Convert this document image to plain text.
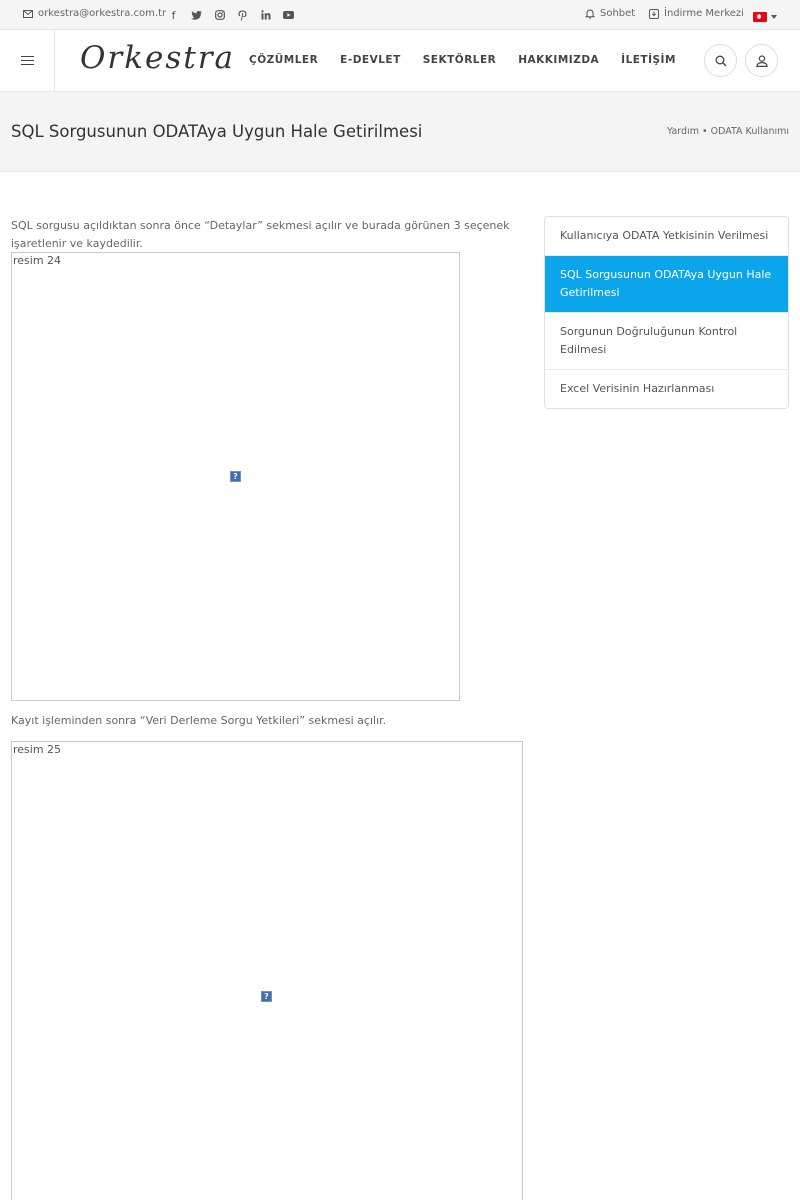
orkestra@orkestra.com.tr f	Sohbet	İndirme Merkezi
Orkestra ÇÖZÜMLER E-DEVLET SEKTÖRLER HAKKIMIZDA İLETİŞİM
SQL Sorgusunun ODATAya Uygun Hale Getirilmesi	Yardım • ODATA Kullanımı

SQL sorgusu açıldıktan sonra önce “Detaylar” sekmesi açılır ve burada görünen 3 seçenek işaretlenir ve kaydedilir.

resim 24
?

Kayıt işleminden sonra “Veri Derleme Sorgu Yetkileri” sekmesi açılır.

resim 25
?
Kullanıcıya ODATA Yetkisinin Verilmesi
SQL Sorgusunun ODATAya Uygun Hale Getirilmesi
Sorgunun Doğruluğunun Kontrol Edilmesi
Excel Verisinin Hazırlanması
